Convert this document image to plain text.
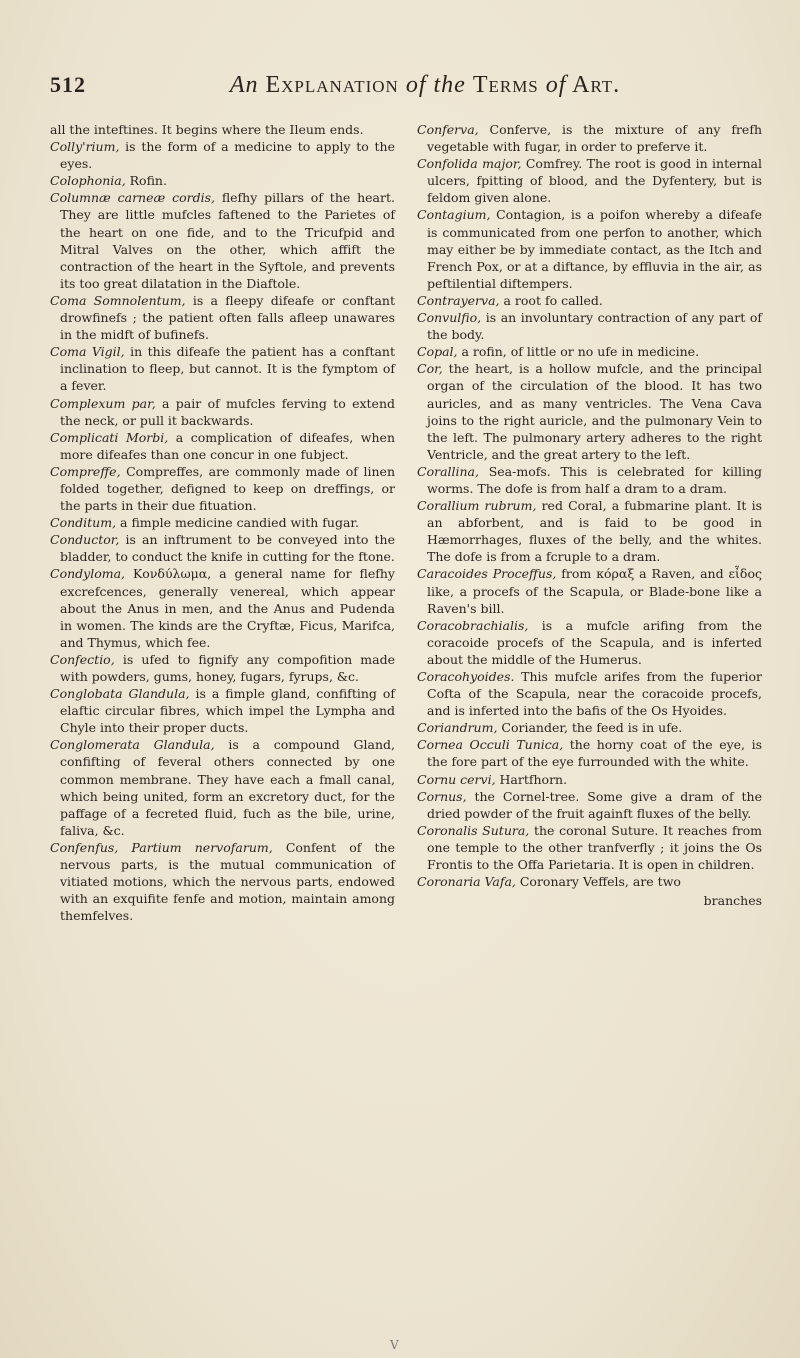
512	An Explanation of the Terms of Art.

all the inteftines. It begins where the Ileum ends.

Colly'rium, is the form of a medicine to apply to the eyes.

Colophonia, Rofin.

Columnæ carneæ cordis, flefhy pillars of the heart. They are little mufcles faftened to the Parietes of the heart on one fide, and to the Tricufpid and Mitral Valves on the other, which affift the contraction of the heart in the Syftole, and prevents its too great dilatation in the Diaftole.

Coma Somnolentum, is a fleepy difeafe or conftant drowfinefs ; the patient often falls afleep unawares in the midft of bufinefs.

Coma Vigil, in this difeafe the patient has a conftant inclination to fleep, but cannot. It is the fymptom of a fever.

Complexum par, a pair of mufcles ferving to extend the neck, or pull it backwards.

Complicati Morbi, a complication of difeafes, when more difeafes than one concur in one fubject.

Compreffe, Compreffes, are commonly made of linen folded together, defigned to keep on dreffings, or the parts in their due fituation.

Conditum, a fimple medicine candied with fugar.

Conductor, is an inftrument to be conveyed into the bladder, to conduct the knife in cutting for the ftone.

Condyloma, Κονδύλωμα, a general name for flefhy excrefcences, generally venereal, which appear about the Anus in men, and the Anus and Pudenda in women. The kinds are the Cryftæ, Ficus, Marifca, and Thymus, which fee.

Confectio, is ufed to fignify any compofition made with powders, gums, honey, fugars, fyrups, &c.

Conglobata Glandula, is a fimple gland, confifting of elaftic circular fibres, which impel the Lympha and Chyle into their proper ducts.

Conglomerata Glandula, is a compound Gland, confifting of feveral others connected by one common membrane. They have each a fmall canal, which being united, form an excretory duct, for the paffage of a fecreted fluid, fuch as the bile, urine, faliva, &c.

Confenfus, Partium nervofarum, Confent of the nervous parts, is the mutual communication of vitiated motions, which the nervous parts, endowed with an exquifite fenfe and motion, maintain among themfelves.

Conferva, Conferve, is the mixture of any frefh vegetable with fugar, in order to preferve it.

Confolida major, Comfrey. The root is good in internal ulcers, fpitting of blood, and the Dyfentery, but is feldom given alone.

Contagium, Contagion, is a poifon whereby a difeafe is communicated from one perfon to another, which may either be by immediate contact, as the Itch and French Pox, or at a diftance, by effluvia in the air, as peftilential diftempers.

Contrayerva, a root fo called.

Convulfio, is an involuntary contraction of any part of the body.

Copal, a rofin, of little or no ufe in medicine.

Cor, the heart, is a hollow mufcle, and the principal organ of the circulation of the blood. It has two auricles, and as many ventricles. The Vena Cava joins to the right auricle, and the pulmonary Vein to the left. The pulmonary artery adheres to the right Ventricle, and the great artery to the left.

Corallina, Sea-mofs. This is celebrated for killing worms. The dofe is from half a dram to a dram.

Corallium rubrum, red Coral, a fubmarine plant. It is an abforbent, and is faid to be good in Hæmorrhages, fluxes of the belly, and the whites. The dofe is from a fcruple to a dram.

Caracoides Proceffus, from κόραξ a Raven, and εἶδος like, a procefs of the Scapula, or Blade-bone like a Raven's bill.

Coracobrachialis, is a mufcle arifing from the coracoide procefs of the Scapula, and is inferted about the middle of the Humerus.

Coracohyoides. This mufcle arifes from the fuperior Cofta of the Scapula, near the coracoide procefs, and is inferted into the bafis of the Os Hyoides.

Coriandrum, Coriander, the feed is in ufe.

Cornea Occuli Tunica, the horny coat of the eye, is the fore part of the eye furrounded with the white.

Cornu cervi, Hartfhorn.

Cornus, the Cornel-tree. Some give a dram of the dried powder of the fruit againft fluxes of the belly.

Coronalis Sutura, the coronal Suture. It reaches from one temple to the other tranfverfly ; it joins the Os Frontis to the Offa Parietaria. It is open in children.

Coronaria Vafa, Coronary Veffels, are two

branches
V
